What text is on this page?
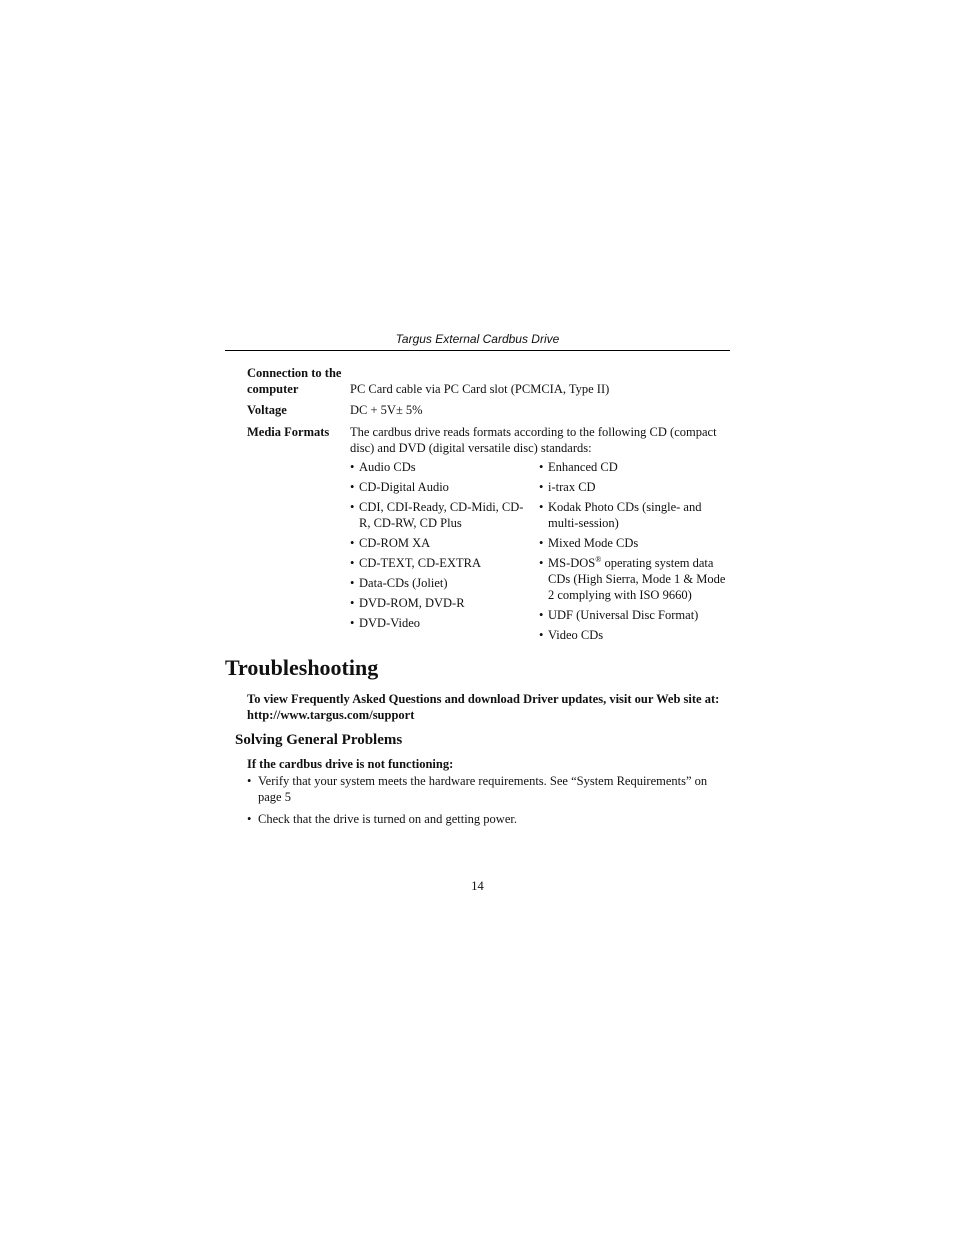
Targus External Cardbus Drive
Connection to the
computer	PC Card cable via PC Card slot (PCMCIA, Type II)
Voltage	DC + 5V± 5%
Media Formats The cardbus drive reads formats according to the following CD (compact
disc) and DVD (digital versatile disc) standards:
• Audio CDs
• CD-Digital Audio
• CDI, CDI-Ready, CD-Midi, CD-R, CD-RW, CD Plus
• CD-ROM XA
• CD-TEXT, CD-EXTRA
• Data-CDs (Joliet)
• DVD-ROM, DVD-R
• DVD-Video
• Enhanced CD
• i-trax CD
• Kodak Photo CDs (single- and multi-session)
• Mixed Mode CDs
• MS-DOS® operating system data CDs (High Sierra, Mode 1 & Mode 2 complying with ISO 9660)
• UDF (Universal Disc Format)
• Video CDs
Troubleshooting
To view Frequently Asked Questions and download Driver updates, visit our Web site at:
http://www.targus.com/support
Solving General Problems
If the cardbus drive is not functioning:
• Verify that your system meets the hardware requirements. See “System Requirements” on page 5
• Check that the drive is turned on and getting power.
14
